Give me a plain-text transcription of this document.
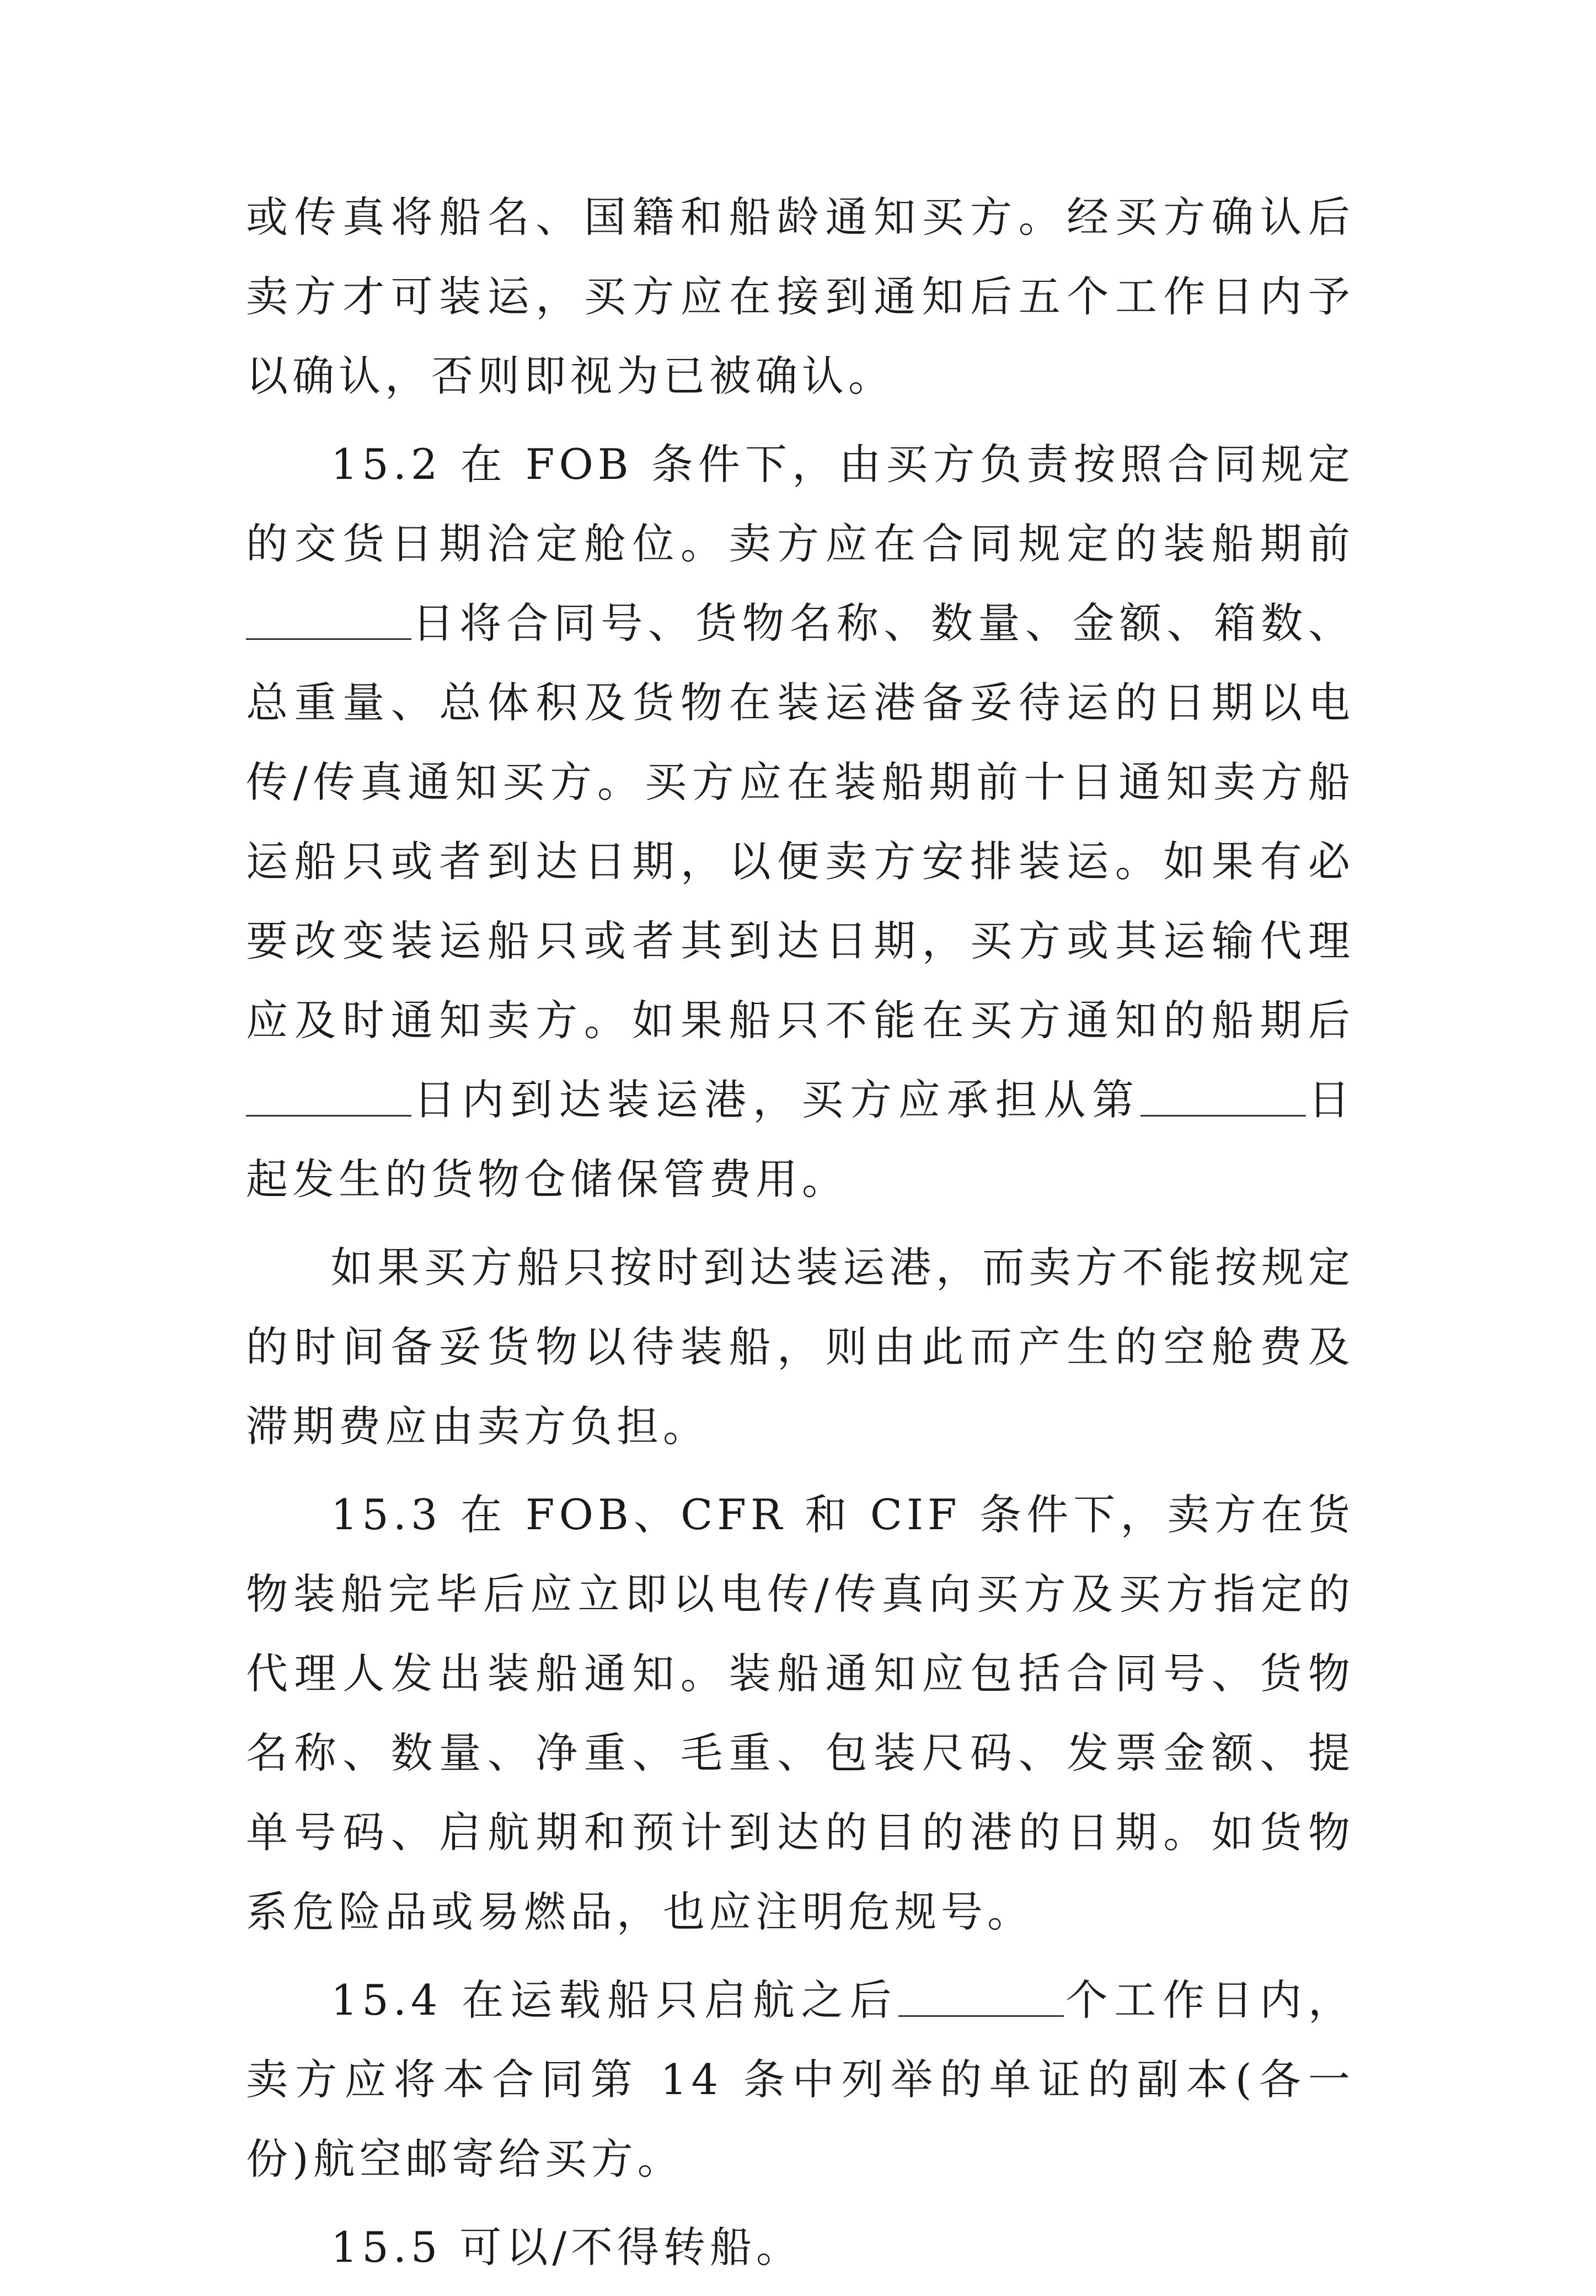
或传真将船名、国籍和船龄通知买方。经买方确认后卖方才可装运，买方应在接到通知后五个工作日内予以确认，否则即视为已被确认。

15.2 在 FOB 条件下，由买方负责按照合同规定的交货日期洽定舱位。卖方应在合同规定的装船期前日将合同号、货物名称、数量、金额、箱数、总重量、总体积及货物在装运港备妥待运的日期以电传/传真通知买方。买方应在装船期前十日通知卖方船运船只或者到达日期，以便卖方安排装运。如果有必要改变装运船只或者其到达日期，买方或其运输代理应及时通知卖方。如果船只不能在买方通知的船期后日内到达装运港，买方应承担从第	日起发生的货物仓储保管费用。

如果买方船只按时到达装运港，而卖方不能按规定的时间备妥货物以待装船，则由此而产生的空舱费及滞期费应由卖方负担。

15.3 在 FOB、CFR 和 CIF 条件下，卖方在货物装船完毕后应立即以电传/传真向买方及买方指定的代理人发出装船通知。装船通知应包括合同号、货物名称、数量、净重、毛重、包装尺码、发票金额、提单号码、启航期和预计到达的目的港的日期。如货物系危险品或易燃品，也应注明危规号。

15.4 在运载船只启航之后	个工作日内，卖方应将本合同第 14 条中列举的单证的副本(各一份)航空邮寄给买方。

15.5 可以/不得转船。
